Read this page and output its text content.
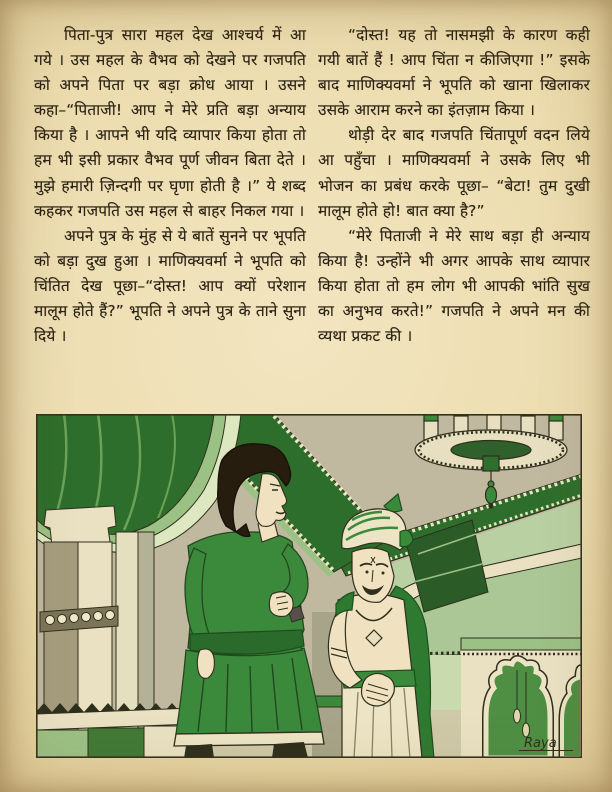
पिता-पुत्र सारा महल देख आश्चर्य में आ गये । उस महल के वैभव को देखने पर गजपति को अपने पिता पर बड़ा क्रोध आया । उसने कहा–“पिताजी! आप ने मेरे प्रति बड़ा अन्याय किया है । आपने भी यदि व्यापार किया होता तो हम भी इसी प्रकार वैभव पूर्ण जीवन बिता देते । मुझे हमारी ज़िन्दगी पर घृणा होती है ।” ये शब्द कहकर गजपति उस महल से बाहर निकल गया ।

अपने पुत्र के मुंह से ये बातें सुनने पर भूपति को बड़ा दुख हुआ । माणिक्यवर्मा ने भूपति को चिंतित देख पूछा–“दोस्त! आप क्यों परेशान मालूम होते हैं?” भूपति ने अपने पुत्र के ताने सुना दिये ।

“दोस्त! यह तो नासमझी के कारण कही गयी बातें हैं ! आप चिंता न कीजिएगा !” इसके बाद माणिक्यवर्मा ने भूपति को खाना खिलाकर उसके आराम करने का इंतज़ाम किया ।

थोड़ी देर बाद गजपति चिंतापूर्ण वदन लिये आ पहुँचा । माणिक्यवर्मा ने उसके लिए भी भोजन का प्रबंध करके पूछा– “बेटा! तुम दुखी मालूम होते हो! बात क्या है?”

“मेरे पिताजी ने मेरे साथ बड़ा ही अन्याय किया है! उन्होंने भी अगर आपके साथ व्यापार किया होता तो हम लोग भी आपकी भांति सुख का अनुभव करते!” गजपति ने अपने मन की व्यथा प्रकट की ।

Raya
